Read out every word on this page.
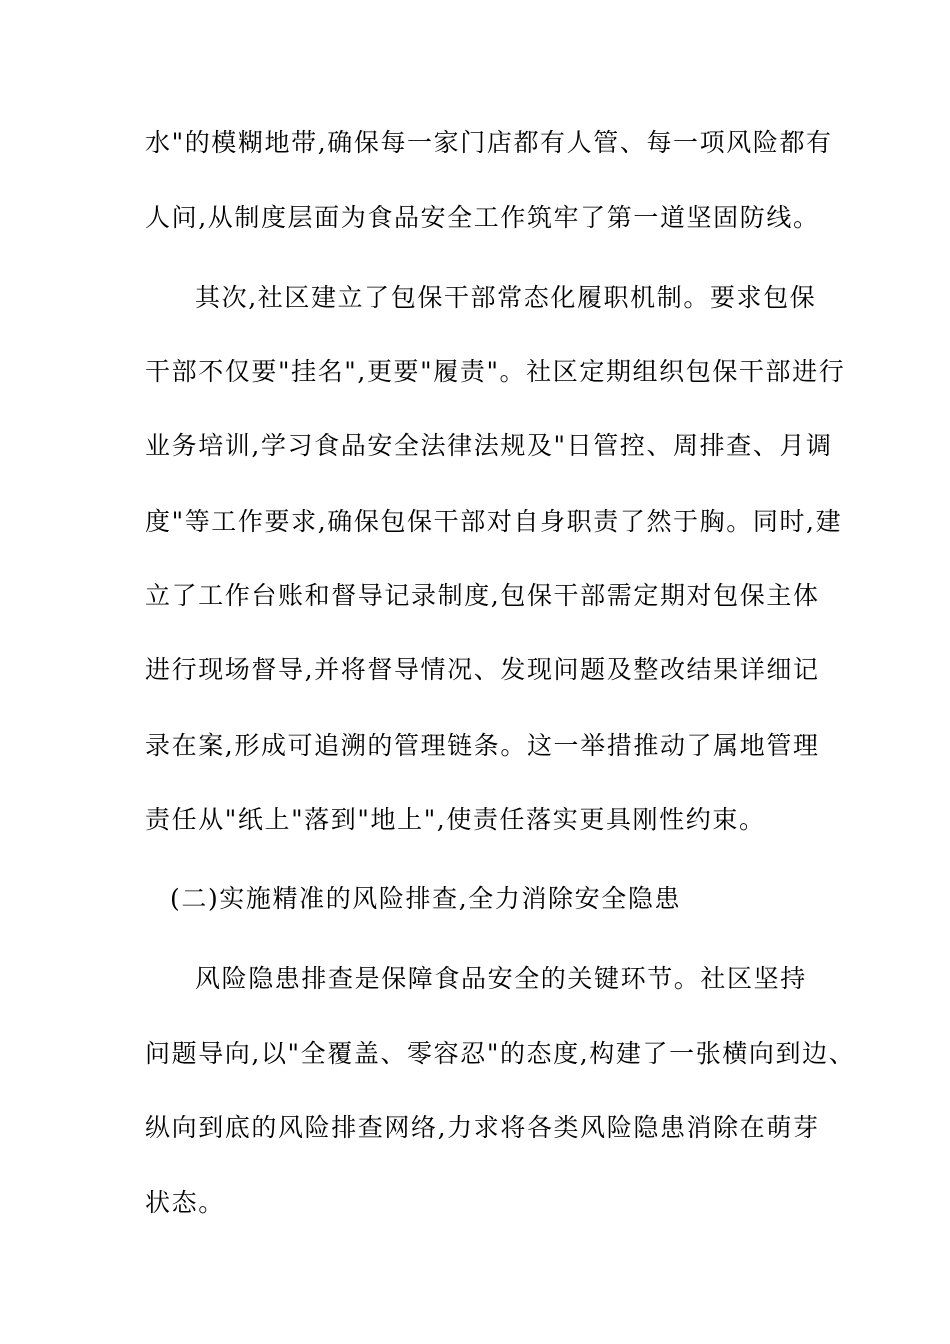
水"的模糊地带,确保每一家门店都有人管、每一项风险都有
人问,从制度层面为食品安全工作筑牢了第一道坚固防线。
其次,社区建立了包保干部常态化履职机制。要求包保
干部不仅要"挂名",更要"履责"。社区定期组织包保干部进行
业务培训,学习食品安全法律法规及"日管控、周排查、月调
度"等工作要求,确保包保干部对自身职责了然于胸。同时,建
立了工作台账和督导记录制度,包保干部需定期对包保主体
进行现场督导,并将督导情况、发现问题及整改结果详细记
录在案,形成可追溯的管理链条。这一举措推动了属地管理
责任从"纸上"落到"地上",使责任落实更具刚性约束。
(二)实施精准的风险排查,全力消除安全隐患
风险隐患排查是保障食品安全的关键环节。社区坚持
问题导向,以"全覆盖、零容忍"的态度,构建了一张横向到边、
纵向到底的风险排查网络,力求将各类风险隐患消除在萌芽
状态。
